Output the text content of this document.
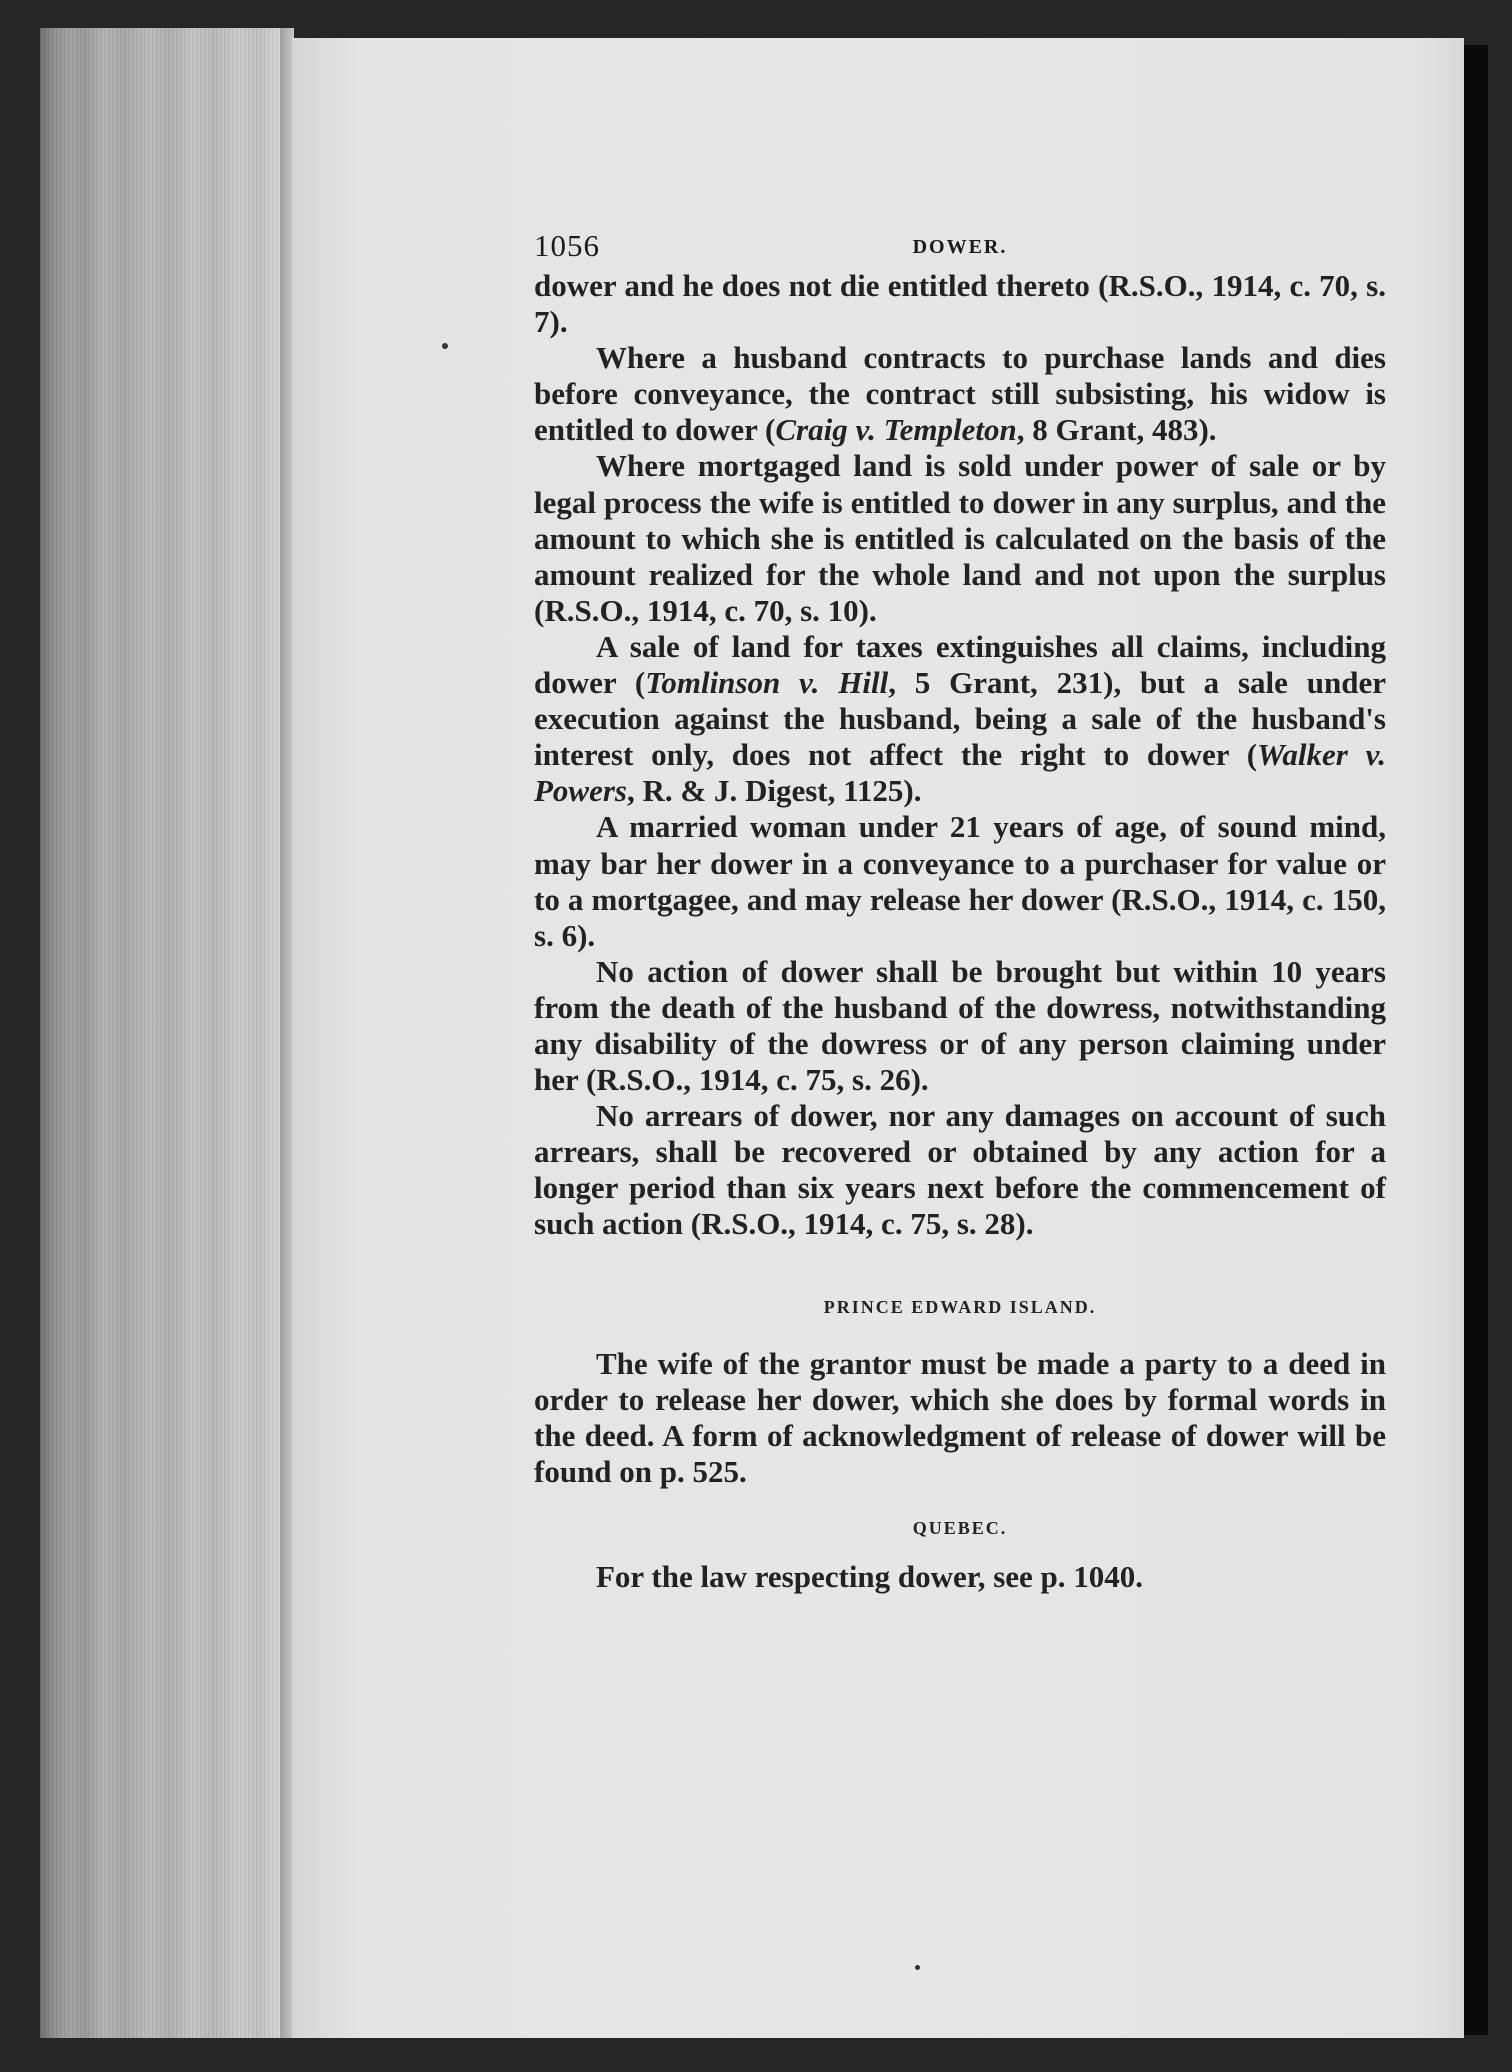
1056	DOWER.

dower and he does not die entitled thereto (R.S.O., 1914, c. 70, s. 7).

Where a husband contracts to purchase lands and dies before conveyance, the contract still subsisting, his widow is entitled to dower (Craig v. Templeton, 8 Grant, 483).

Where mortgaged land is sold under power of sale or by legal process the wife is entitled to dower in any surplus, and the amount to which she is entitled is calculated on the basis of the amount realized for the whole land and not upon the surplus (R.S.O., 1914, c. 70, s. 10).

A sale of land for taxes extinguishes all claims, including dower (Tomlinson v. Hill, 5 Grant, 231), but a sale under execution against the husband, being a sale of the husband's interest only, does not affect the right to dower (Walker v. Powers, R. & J. Digest, 1125).

A married woman under 21 years of age, of sound mind, may bar her dower in a conveyance to a purchaser for value or to a mortgagee, and may release her dower (R.S.O., 1914, c. 150, s. 6).

No action of dower shall be brought but within 10 years from the death of the husband of the dowress, notwithstanding any disability of the dowress or of any person claiming under her (R.S.O., 1914, c. 75, s. 26).

No arrears of dower, nor any damages on account of such arrears, shall be recovered or obtained by any action for a longer period than six years next before the commencement of such action (R.S.O., 1914, c. 75, s. 28).

PRINCE EDWARD ISLAND.

The wife of the grantor must be made a party to a deed in order to release her dower, which she does by formal words in the deed. A form of acknowledgment of release of dower will be found on p. 525.

QUEBEC.

For the law respecting dower, see p. 1040.
